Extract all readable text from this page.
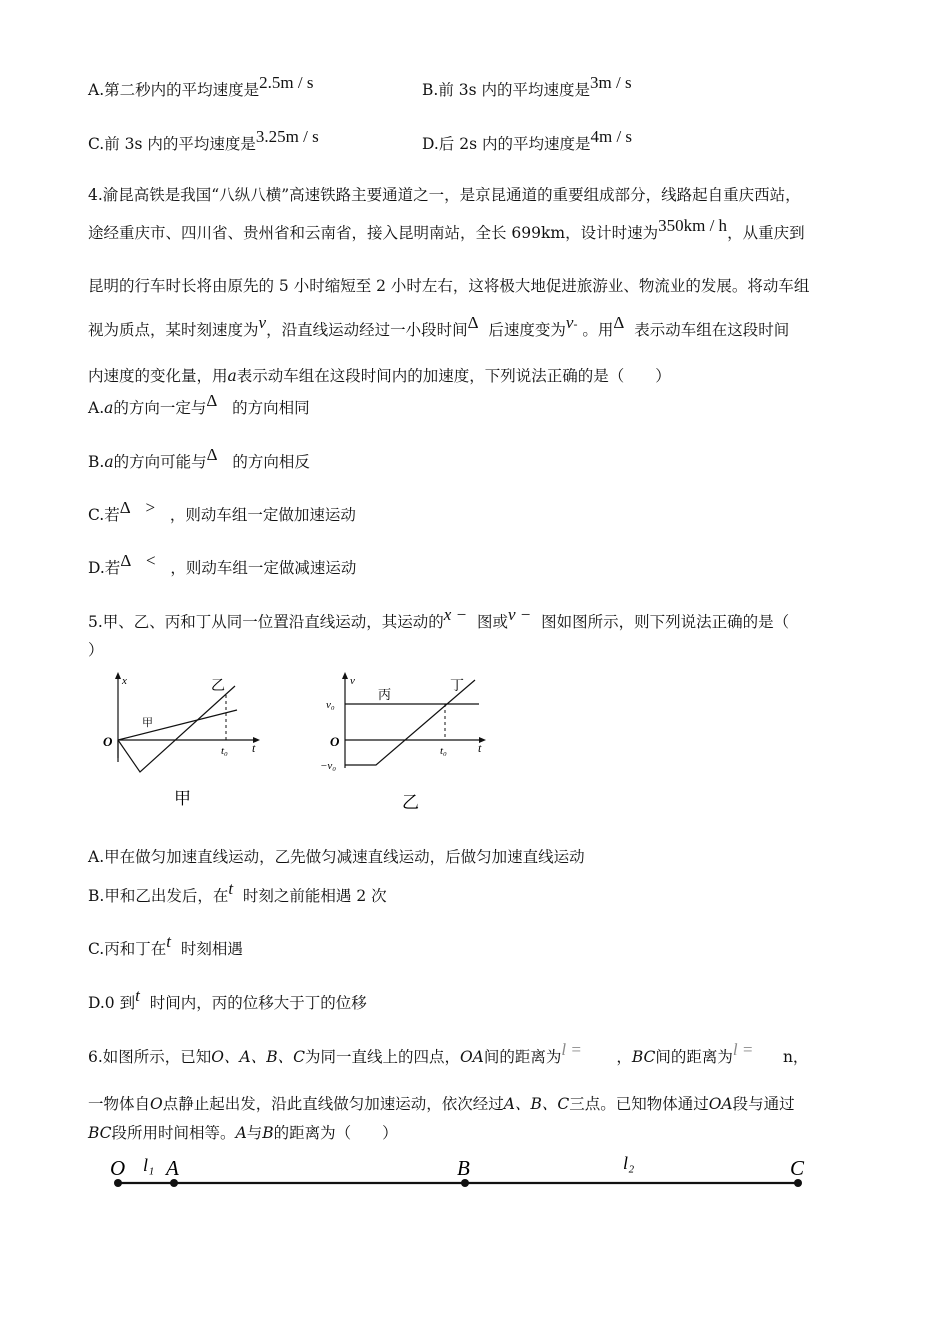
A.第二秒内的平均速度是2.5m / s	B.前 3s 内的平均速度是3m / s
C.前 3s 内的平均速度是3.25m / s	D.后 2s 内的平均速度是4m / s
4.渝昆高铁是我国“八纵八横”高速铁路主要通道之一，是京昆通道的重要组成部分，线路起自重庆西站，
途经重庆市、四川省、贵州省和云南省，接入昆明南站，全长 699km，设计时速为350km / h，从重庆到
昆明的行车时长将由原先的 5 小时缩短至 2 小时左右，这将极大地促进旅游业、物流业的发展。将动车组
视为质点，某时刻速度为v，沿直线运动经过一小段时间Δ 后速度变为v- 。用Δ 表示动车组在这段时间
内速度的变化量，用a表示动车组在这段时间内的加速度，下列说法正确的是（　　）
A.a的方向一定与Δ 的方向相同
B.a的方向可能与Δ 的方向相反
C.若Δ > ，则动车组一定做加速运动
D.若Δ < ，则动车组一定做减速运动
5.甲、乙、丙和丁从同一位置沿直线运动，其运动的x − 图或v − 图如图所示，则下列说法正确的是（
）
x
O	t
t₀
甲
乙
甲
v
v₀
O
−v₀
t
t₀
丙
丁
乙
A.甲在做匀加速直线运动，乙先做匀减速直线运动，后做匀加速直线运动
B.甲和乙出发后，在t 时刻之前能相遇 2 次
C.丙和丁在t 时刻相遇
D.0 到t 时间内，丙的位移大于丁的位移
6.如图所示，已知O、A、B、C为同一直线上的四点，OA间的距离为l = ，BC间的距离为l = n，
一物体自O点静止起出发，沿此直线做匀加速运动，依次经过A、B、C三点。已知物体通过OA段与通过
BC段所用时间相等。A与B的距离为（　　）
O l₁ A	B	l₂	C
